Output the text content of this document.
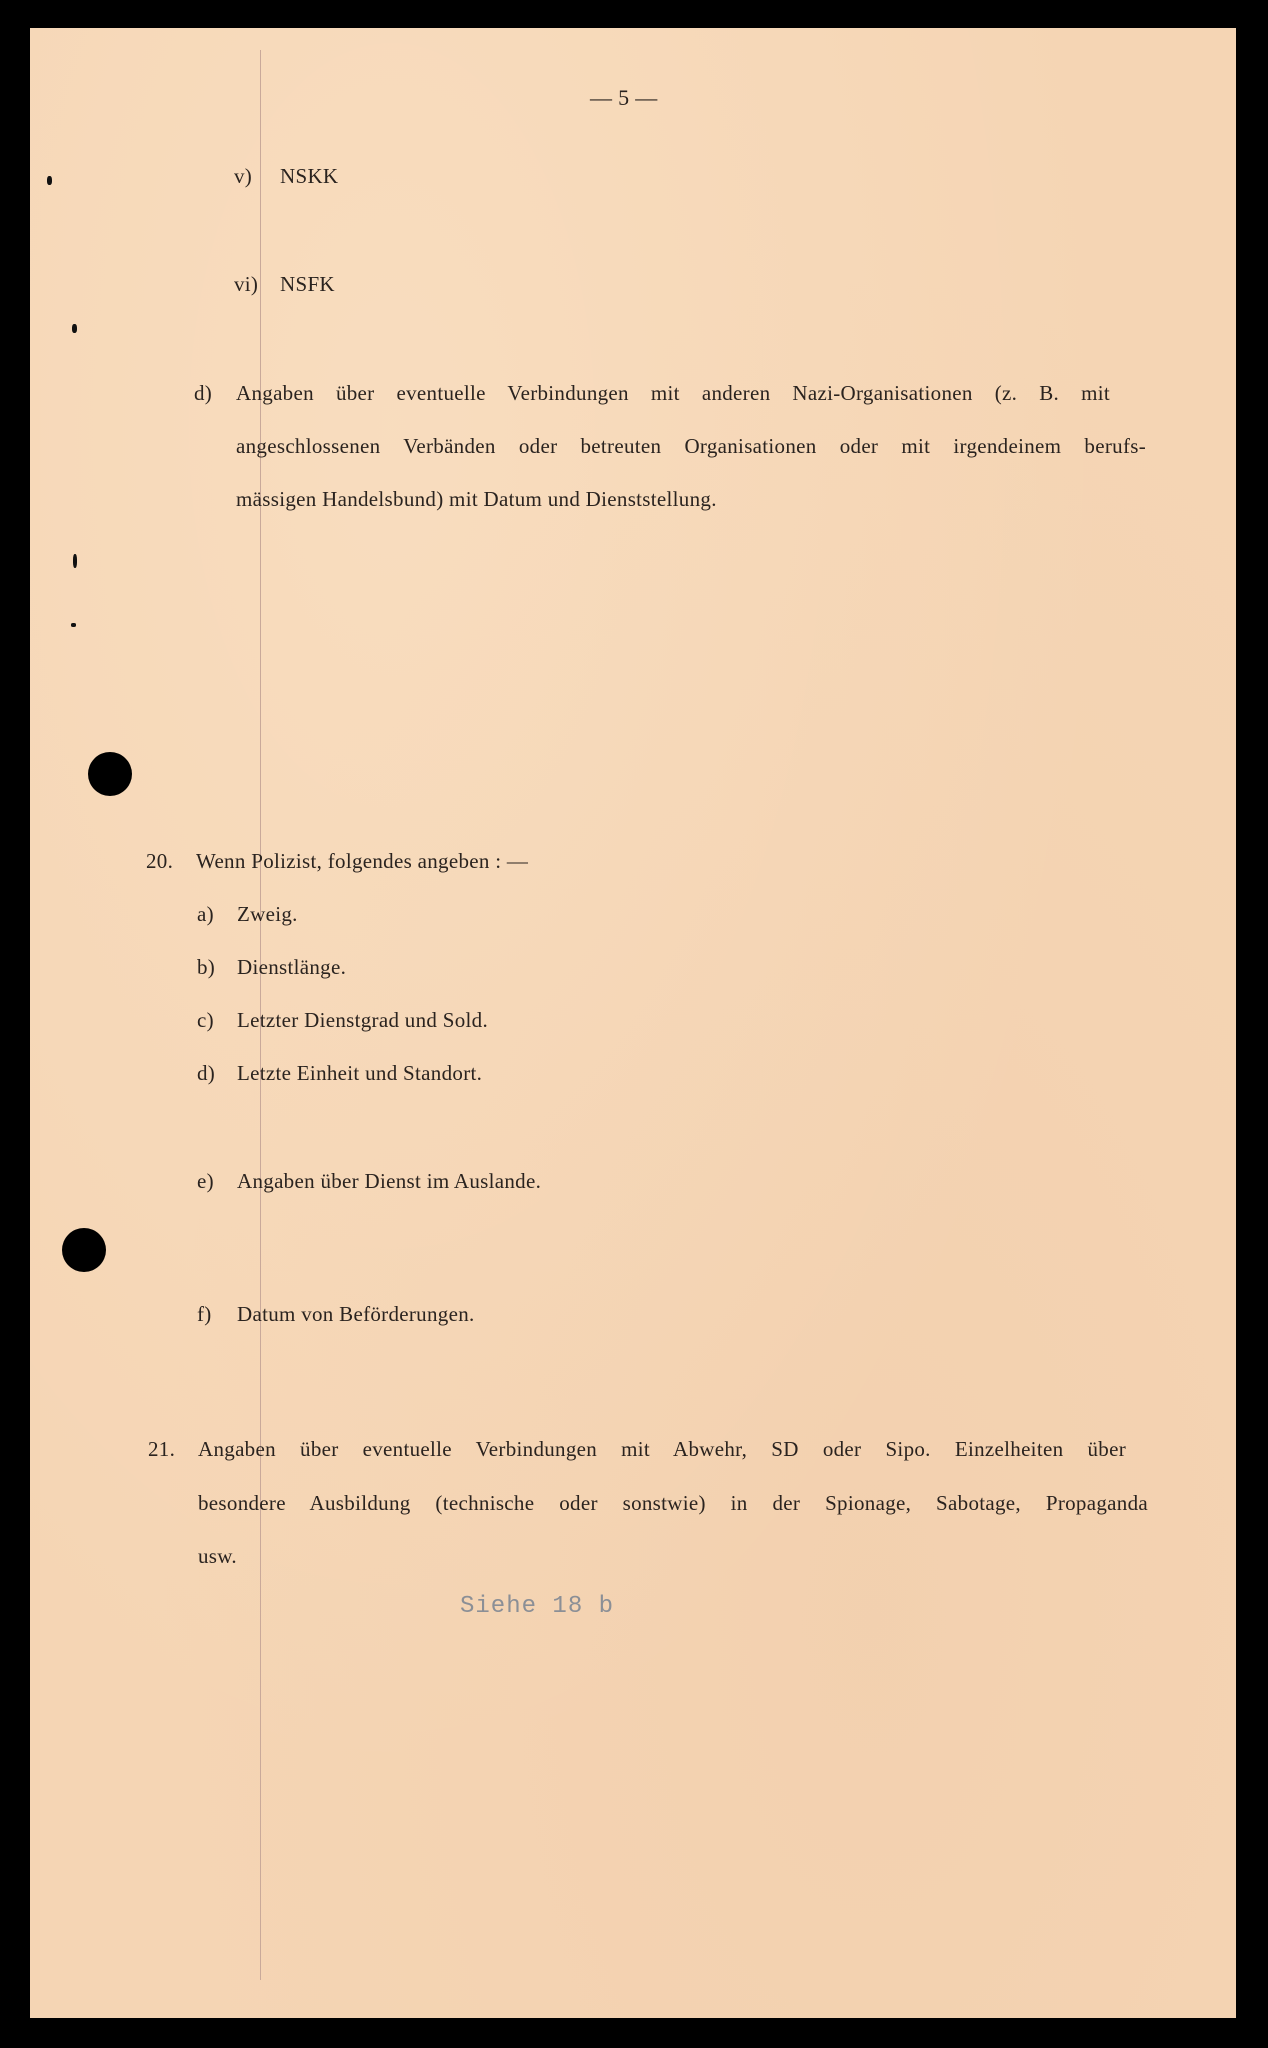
— 5 —
v) NSKK
vi) NSFK
d) Angaben über eventuelle Verbindungen mit anderen Nazi-Organisationen (z. B. mit
angeschlossenen Verbänden oder betreuten Organisationen oder mit irgendeinem berufs-
mässigen Handelsbund) mit Datum und Dienststellung.
20. Wenn Polizist, folgendes angeben : —
a) Zweig.
b) Dienstlänge.
c) Letzter Dienstgrad und Sold.
d) Letzte Einheit und Standort.
e) Angaben über Dienst im Auslande.
f) Datum von Beförderungen.
21. Angaben über eventuelle Verbindungen mit Abwehr, SD oder Sipo. Einzelheiten über
besondere Ausbildung (technische oder sonstwie) in der Spionage, Sabotage, Propaganda
usw.
Siehe 18 b
